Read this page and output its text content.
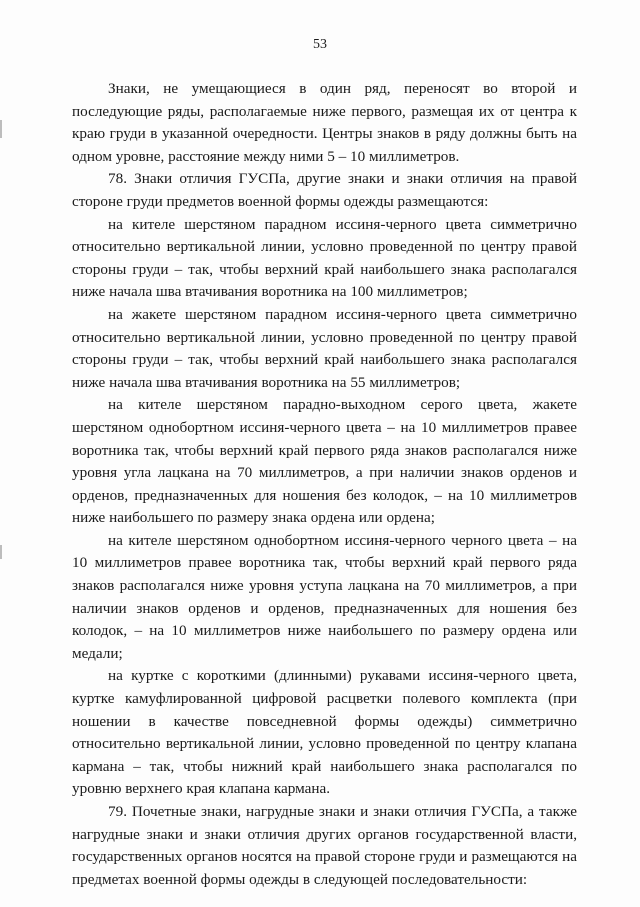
53

Знаки, не умещающиеся в один ряд, переносят во второй и последующие ряды, располагаемые ниже первого, размещая их от центра к краю груди в указанной очередности. Центры знаков в ряду должны быть на одном уровне, расстояние между ними 5 – 10 миллиметров.

78. Знаки отличия ГУСПа, другие знаки и знаки отличия на правой стороне груди предметов военной формы одежды размещаются:

на кителе шерстяном парадном иссиня-черного цвета симметрично относительно вертикальной линии, условно проведенной по центру правой стороны груди – так, чтобы верхний край наибольшего знака располагался ниже начала шва втачивания воротника на 100 миллиметров;

на жакете шерстяном парадном иссиня-черного цвета симметрично относительно вертикальной линии, условно проведенной по центру правой стороны груди – так, чтобы верхний край наибольшего знака располагался ниже начала шва втачивания воротника на 55 миллиметров;

на кителе шерстяном парадно-выходном серого цвета, жакете шерстяном однобортном иссиня-черного цвета – на 10 миллиметров правее воротника так, чтобы верхний край первого ряда знаков располагался ниже уровня угла лацкана на 70 миллиметров, а при наличии знаков орденов и орденов, предназначенных для ношения без колодок, – на 10 миллиметров ниже наибольшего по размеру знака ордена или ордена;

на кителе шерстяном однобортном иссиня-черного черного цвета – на 10 миллиметров правее воротника так, чтобы верхний край первого ряда знаков располагался ниже уровня уступа лацкана на 70 миллиметров, а при наличии знаков орденов и орденов, предназначенных для ношения без колодок, – на 10 миллиметров ниже наибольшего по размеру ордена или медали;

на куртке с короткими (длинными) рукавами иссиня-черного цвета, куртке камуфлированной цифровой расцветки полевого комплекта (при ношении в качестве повседневной формы одежды) симметрично относительно вертикальной линии, условно проведенной по центру клапана кармана – так, чтобы нижний край наибольшего знака располагался по уровню верхнего края клапана кармана.

79. Почетные знаки, нагрудные знаки и знаки отличия ГУСПа, а также нагрудные знаки и знаки отличия других органов государственной власти, государственных органов носятся на правой стороне груди и размещаются на предметах военной формы одежды в следующей последовательности:
